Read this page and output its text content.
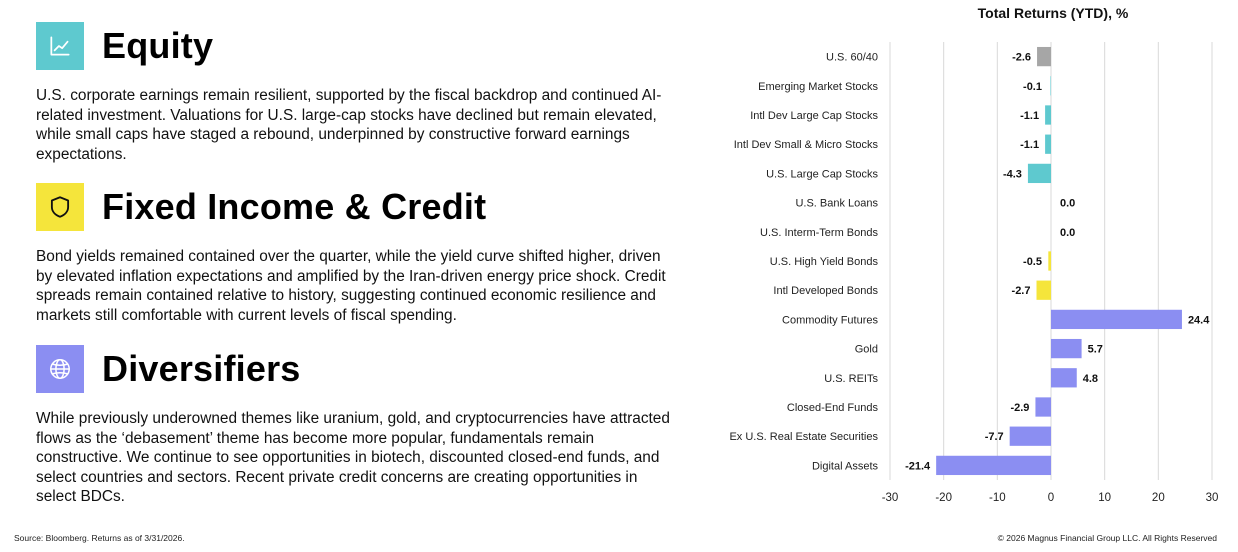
Equity
U.S. corporate earnings remain resilient, supported by the fiscal backdrop and continued AI-related investment. Valuations for U.S. large-cap stocks have declined but remain elevated, while small caps have staged a rebound, underpinned by constructive forward earnings expectations.
Fixed Income & Credit
Bond yields remained contained over the quarter, while the yield curve shifted higher, driven by elevated inflation expectations and amplified by the Iran-driven energy price shock. Credit spreads remain contained relative to history, suggesting continued economic resilience and markets still comfortable with current levels of fiscal spending.
Diversifiers
While previously underowned themes like uranium, gold, and cryptocurrencies have attracted flows as the ‘debasement’ theme has become more popular, fundamentals remain constructive. We continue to see opportunities in biotech, discounted closed-end funds, and select countries and sectors. Recent private credit concerns are creating opportunities in select BDCs.
Total Returns (YTD), %
U.S. 60/40	-2.6
Emerging Market Stocks	-0.1
Intl Dev Large Cap Stocks	-1.1
Intl Dev Small & Micro Stocks	-1.1
U.S. Large Cap Stocks	-4.3
U.S. Bank Loans	0.0
U.S. Interm-Term Bonds	0.0
U.S. High Yield Bonds	-0.5
Intl Developed Bonds	-2.7
Commodity Futures	24.4
Gold	5.7
U.S. REITs	4.8
Closed-End Funds	-2.9
Ex U.S. Real Estate Securities	-7.7
Digital Assets -21.4
-30	-20	-10	0	10	20	30
Source: Bloomberg. Returns as of 3/31/2026.	© 2026 Magnus Financial Group LLC. All Rights Reserved
